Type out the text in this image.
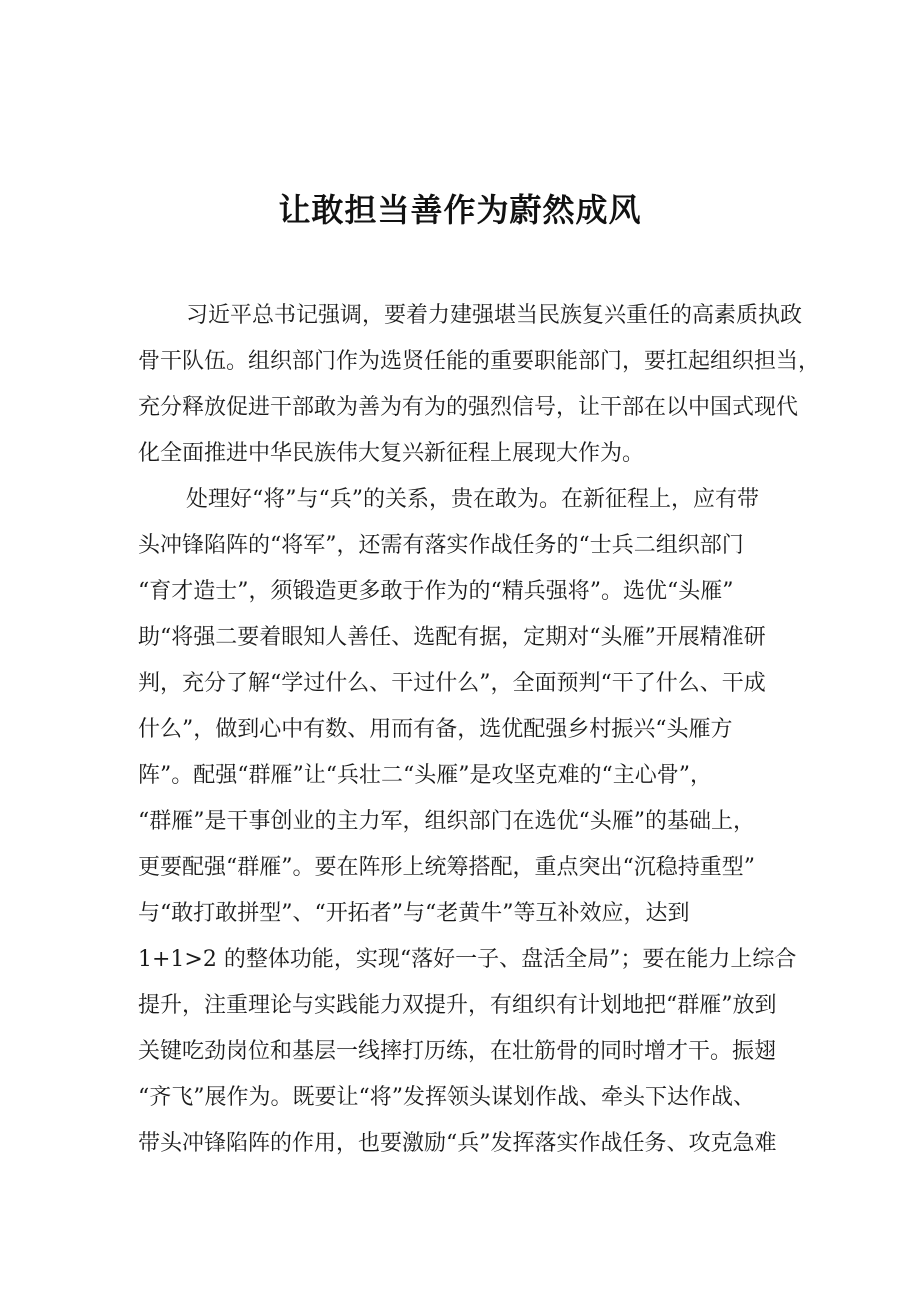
让敢担当善作为蔚然成风
习近平总书记强调，要着力建强堪当民族复兴重任的高素质执政
骨干队伍。组织部门作为选贤任能的重要职能部门，要扛起组织担当，
充分释放促进干部敢为善为有为的强烈信号，让干部在以中国式现代
化全面推进中华民族伟大复兴新征程上展现大作为。
处理好“将”与“兵”的关系，贵在敢为。在新征程上，应有带
头冲锋陷阵的“将军”，还需有落实作战任务的“士兵二组织部门
“育才造士”，须锻造更多敢于作为的“精兵强将”。选优“头雁”
助“将强二要着眼知人善任、选配有据，定期对“头雁”开展精准研
判，充分了解“学过什么、干过什么”，全面预判“干了什么、干成
什么”，做到心中有数、用而有备，选优配强乡村振兴“头雁方
阵”。配强“群雁”让“兵壮二“头雁”是攻坚克难的“主心骨”，
“群雁”是干事创业的主力军，组织部门在选优“头雁”的基础上，
更要配强“群雁”。要在阵形上统筹搭配，重点突出“沉稳持重型”
与“敢打敢拼型”、“开拓者”与“老黄牛”等互补效应，达到
1+1>2 的整体功能，实现“落好一子、盘活全局”；要在能力上综合
提升，注重理论与实践能力双提升，有组织有计划地把“群雁”放到
关键吃劲岗位和基层一线摔打历练，在壮筋骨的同时增才干。振翅
“齐飞”展作为。既要让“将”发挥领头谋划作战、牵头下达作战、
带头冲锋陷阵的作用，也要激励“兵”发挥落实作战任务、攻克急难
